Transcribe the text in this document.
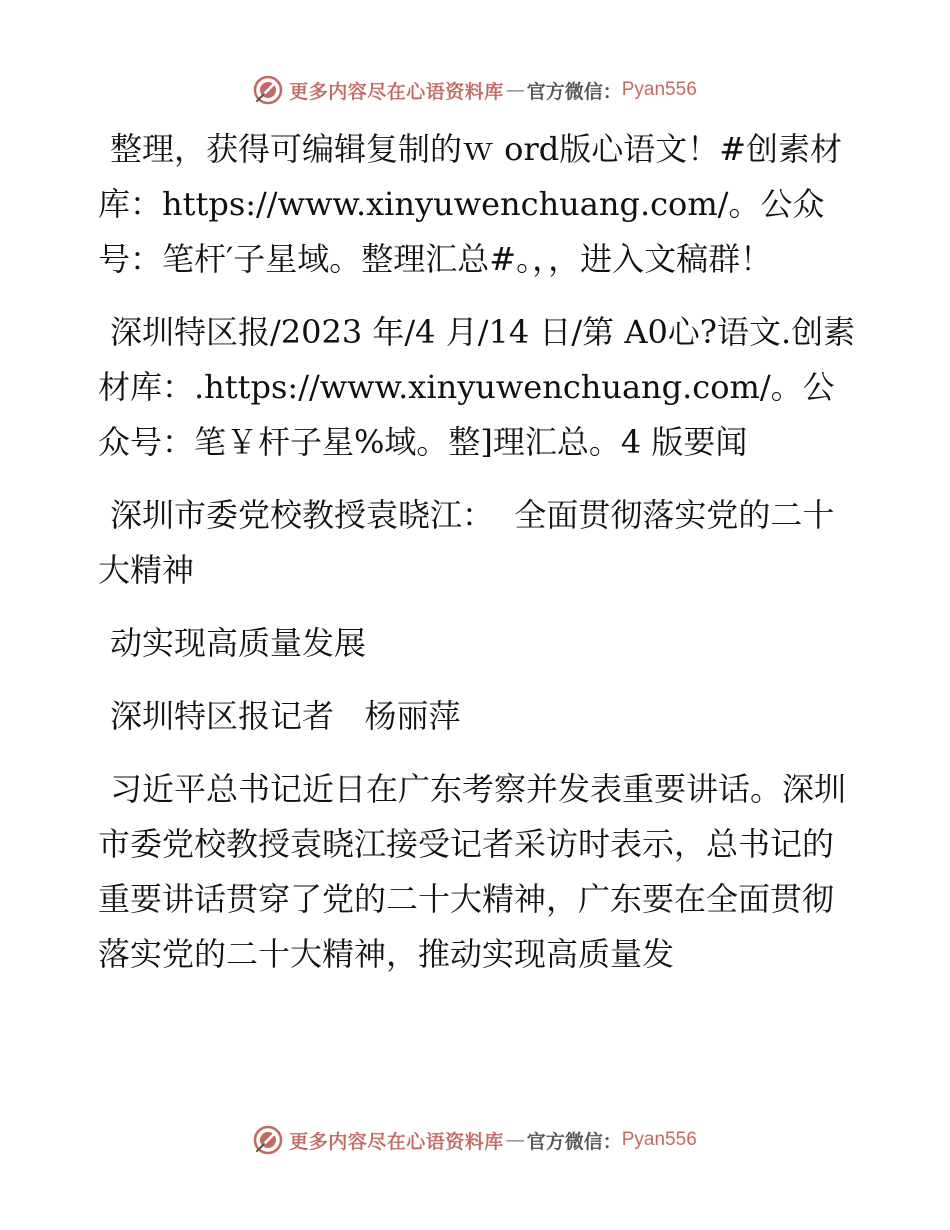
更多内容尽在心语资料库 — 官方微信： Pyan556

整理，获得可编辑复制的ｗ ord版心语文！#创素材库：https://www.xinyuwenchuang.com/。公众号：笔杆′子星域。整理汇总#。，，进入文稿群！

深圳特区报/2023 年/4 月/14 日/第 A0心?语文.创素材库：.https://www.xinyuwenchuang.com/。公众号：笔￥杆子星%域。整]理汇总。4 版要闻

深圳市委党校教授袁晓江：  全面贯彻落实党的二十大精神

动实现高质量发展

深圳特区报记者   杨丽萍

习近平总书记近日在广东考察并发表重要讲话。深圳市委党校教授袁晓江接受记者采访时表示，总书记的重要讲话贯穿了党的二十大精神，广东要在全面贯彻落实党的二十大精神，推动实现高质量发

更多内容尽在心语资料库 — 官方微信： Pyan556
